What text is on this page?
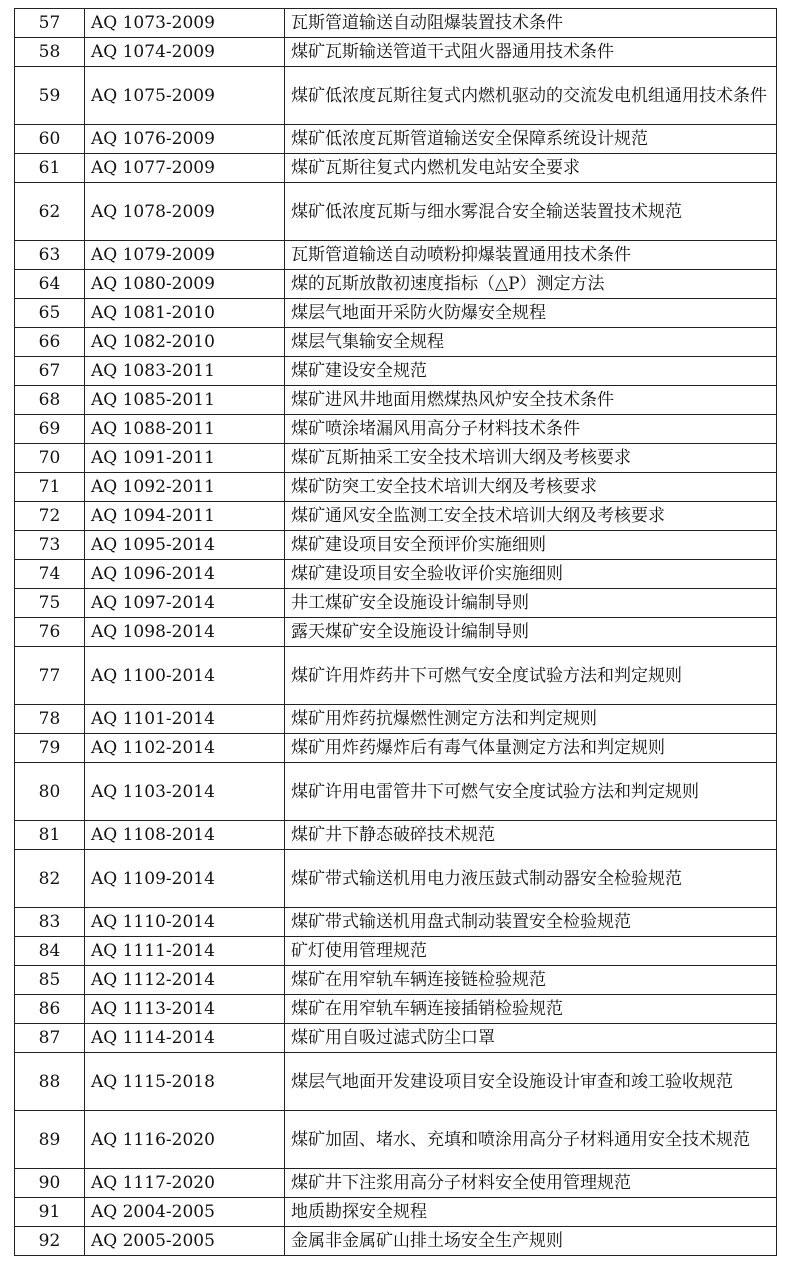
57	AQ 1073-2009	瓦斯管道输送自动阻爆装置技术条件
58	AQ 1074-2009	煤矿瓦斯输送管道干式阻火器通用技术条件
59	AQ 1075-2009	煤矿低浓度瓦斯往复式内燃机驱动的交流发电机组通用技术条件
60	AQ 1076-2009	煤矿低浓度瓦斯管道输送安全保障系统设计规范
61	AQ 1077-2009	煤矿瓦斯往复式内燃机发电站安全要求
62	AQ 1078-2009	煤矿低浓度瓦斯与细水雾混合安全输送装置技术规范
63	AQ 1079-2009	瓦斯管道输送自动喷粉抑爆装置通用技术条件
64	AQ 1080-2009	煤的瓦斯放散初速度指标（△P）测定方法
65	AQ 1081-2010	煤层气地面开采防火防爆安全规程
66	AQ 1082-2010	煤层气集输安全规程
67	AQ 1083-2011	煤矿建设安全规范
68	AQ 1085-2011	煤矿进风井地面用燃煤热风炉安全技术条件
69	AQ 1088-2011	煤矿喷涂堵漏风用高分子材料技术条件
70	AQ 1091-2011	煤矿瓦斯抽采工安全技术培训大纲及考核要求
71	AQ 1092-2011	煤矿防突工安全技术培训大纲及考核要求
72	AQ 1094-2011	煤矿通风安全监测工安全技术培训大纲及考核要求
73	AQ 1095-2014	煤矿建设项目安全预评价实施细则
74	AQ 1096-2014	煤矿建设项目安全验收评价实施细则
75	AQ 1097-2014	井工煤矿安全设施设计编制导则
76	AQ 1098-2014	露天煤矿安全设施设计编制导则
77	AQ 1100-2014	煤矿许用炸药井下可燃气安全度试验方法和判定规则
78	AQ 1101-2014	煤矿用炸药抗爆燃性测定方法和判定规则
79	AQ 1102-2014	煤矿用炸药爆炸后有毒气体量测定方法和判定规则
80	AQ 1103-2014	煤矿许用电雷管井下可燃气安全度试验方法和判定规则
81	AQ 1108-2014	煤矿井下静态破碎技术规范
82	AQ 1109-2014	煤矿带式输送机用电力液压鼓式制动器安全检验规范
83	AQ 1110-2014	煤矿带式输送机用盘式制动装置安全检验规范
84	AQ 1111-2014	矿灯使用管理规范
85	AQ 1112-2014	煤矿在用窄轨车辆连接链检验规范
86	AQ 1113-2014	煤矿在用窄轨车辆连接插销检验规范
87	AQ 1114-2014	煤矿用自吸过滤式防尘口罩
88	AQ 1115-2018	煤层气地面开发建设项目安全设施设计审查和竣工验收规范
89	AQ 1116-2020	煤矿加固、堵水、充填和喷涂用高分子材料通用安全技术规范
90	AQ 1117-2020	煤矿井下注浆用高分子材料安全使用管理规范
91	AQ 2004-2005	地质勘探安全规程
92	AQ 2005-2005	金属非金属矿山排土场安全生产规则
